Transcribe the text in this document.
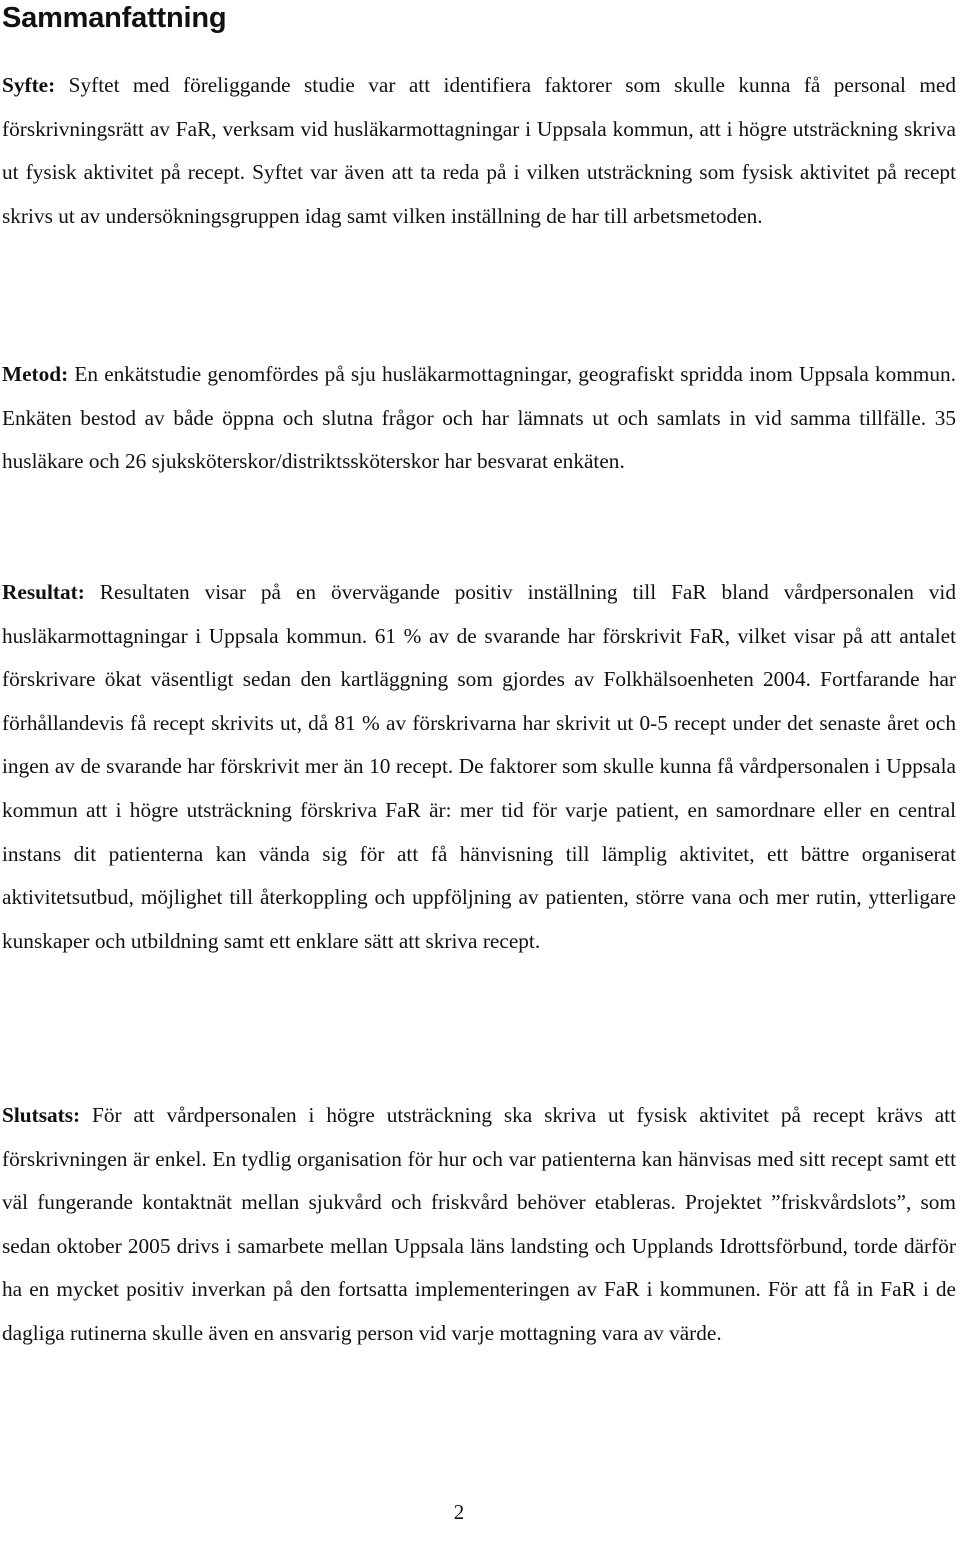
Sammanfattning

Syfte: Syftet med föreliggande studie var att identifiera faktorer som skulle kunna få personal med förskrivningsrätt av FaR, verksam vid husläkarmottagningar i Uppsala kommun, att i högre utsträckning skriva ut fysisk aktivitet på recept. Syftet var även att ta reda på i vilken utsträckning som fysisk aktivitet på recept skrivs ut av undersökningsgruppen idag samt vilken inställning de har till arbetsmetoden.

Metod: En enkätstudie genomfördes på sju husläkarmottagningar, geografiskt spridda inom Uppsala kommun. Enkäten bestod av både öppna och slutna frågor och har lämnats ut och samlats in vid samma tillfälle. 35 husläkare och 26 sjuksköterskor/distriktssköterskor har besvarat enkäten.

Resultat: Resultaten visar på en övervägande positiv inställning till FaR bland vårdpersonalen vid husläkarmottagningar i Uppsala kommun. 61 % av de svarande har förskrivit FaR, vilket visar på att antalet förskrivare ökat väsentligt sedan den kartläggning som gjordes av Folkhälsoenheten 2004. Fortfarande har förhållandevis få recept skrivits ut, då 81 % av förskrivarna har skrivit ut 0-5 recept under det senaste året och ingen av de svarande har förskrivit mer än 10 recept. De faktorer som skulle kunna få vårdpersonalen i Uppsala kommun att i högre utsträckning förskriva FaR är: mer tid för varje patient, en samordnare eller en central instans dit patienterna kan vända sig för att få hänvisning till lämplig aktivitet, ett bättre organiserat aktivitetsutbud, möjlighet till återkoppling och uppföljning av patienten, större vana och mer rutin, ytterligare kunskaper och utbildning samt ett enklare sätt att skriva recept.

Slutsats: För att vårdpersonalen i högre utsträckning ska skriva ut fysisk aktivitet på recept krävs att förskrivningen är enkel. En tydlig organisation för hur och var patienterna kan hänvisas med sitt recept samt ett väl fungerande kontaktnät mellan sjukvård och friskvård behöver etableras. Projektet ”friskvårdslots”, som sedan oktober 2005 drivs i samarbete mellan Uppsala läns landsting och Upplands Idrottsförbund, torde därför ha en mycket positiv inverkan på den fortsatta implementeringen av FaR i kommunen. För att få in FaR i de dagliga rutinerna skulle även en ansvarig person vid varje mottagning vara av värde.

2
